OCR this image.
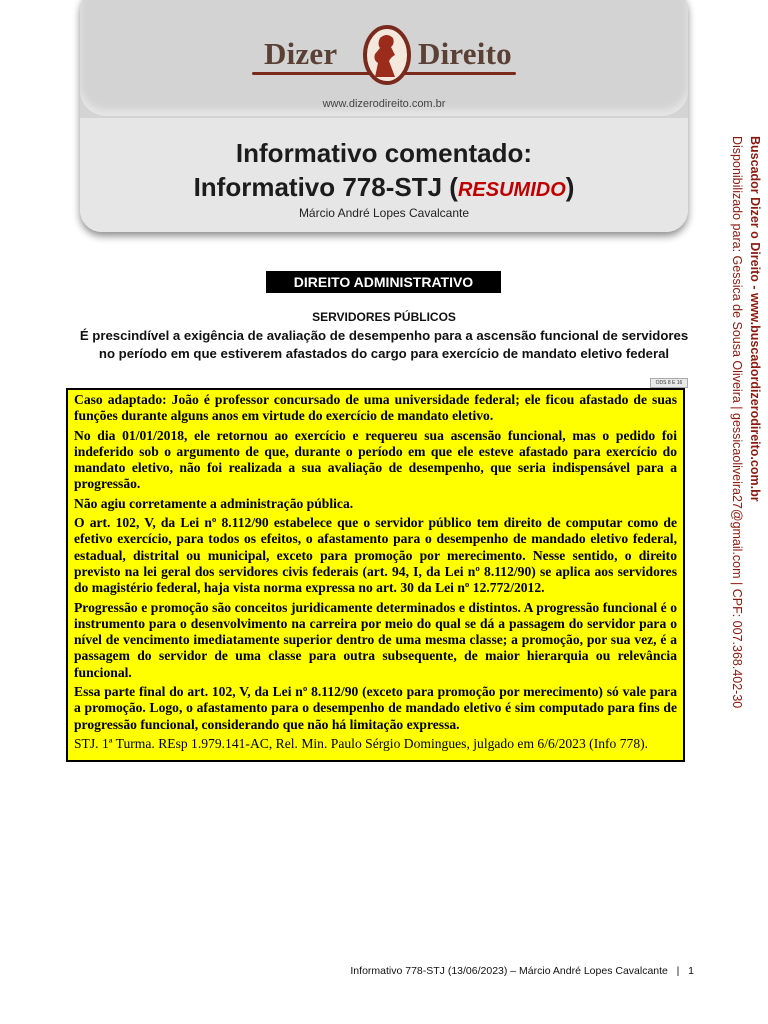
Dizer	Direito
www.dizerodireito.com.br
Informativo comentado:
Informativo 778-STJ (RESUMIDO)
Márcio André Lopes Cavalcante
DIREITO ADMINISTRATIVO
SERVIDORES PÚBLICOS
É prescindível a exigência de avaliação de desempenho para a ascensão funcional de servidores no período em que estiverem afastados do cargo para exercício de mandato eletivo federal
ODS 8 E 16

Caso adaptado: João é professor concursado de uma universidade federal; ele ficou afastado de suas funções durante alguns anos em virtude do exercício de mandato eletivo.

No dia 01/01/2018, ele retornou ao exercício e requereu sua ascensão funcional, mas o pedido foi indeferido sob o argumento de que, durante o período em que ele esteve afastado para exercício do mandato eletivo, não foi realizada a sua avaliação de desempenho, que seria indispensável para a progressão.

Não agiu corretamente a administração pública.

O art. 102, V, da Lei nº 8.112/90 estabelece que o servidor público tem direito de computar como de efetivo exercício, para todos os efeitos, o afastamento para o desempenho de mandado eletivo federal, estadual, distrital ou municipal, exceto para promoção por merecimento. Nesse sentido, o direito previsto na lei geral dos servidores civis federais (art. 94, I, da Lei nº 8.112/90) se aplica aos servidores do magistério federal, haja vista norma expressa no art. 30 da Lei nº 12.772/2012.

Progressão e promoção são conceitos juridicamente determinados e distintos. A progressão funcional é o instrumento para o desenvolvimento na carreira por meio do qual se dá a passagem do servidor para o nível de vencimento imediatamente superior dentro de uma mesma classe; a promoção, por sua vez, é a passagem do servidor de uma classe para outra subsequente, de maior hierarquia ou relevância funcional.

Essa parte final do art. 102, V, da Lei nº 8.112/90 (exceto para promoção por merecimento) só vale para a promoção. Logo, o afastamento para o desempenho de mandado eletivo é sim computado para fins de progressão funcional, considerando que não há limitação expressa.

STJ. 1ª Turma. REsp 1.979.141-AC, Rel. Min. Paulo Sérgio Domingues, julgado em 6/6/2023 (Info 778).

Buscador Dizer o Direito - www.buscadordizerodireito.com.br
Disponibilizado para: Gessica de Sousa Oliveira | gessicaoliveira27@gmail.com | CPF: 007.368.402-30
Informativo 778-STJ (13/06/2023) – Márcio André Lopes Cavalcante   |   1
